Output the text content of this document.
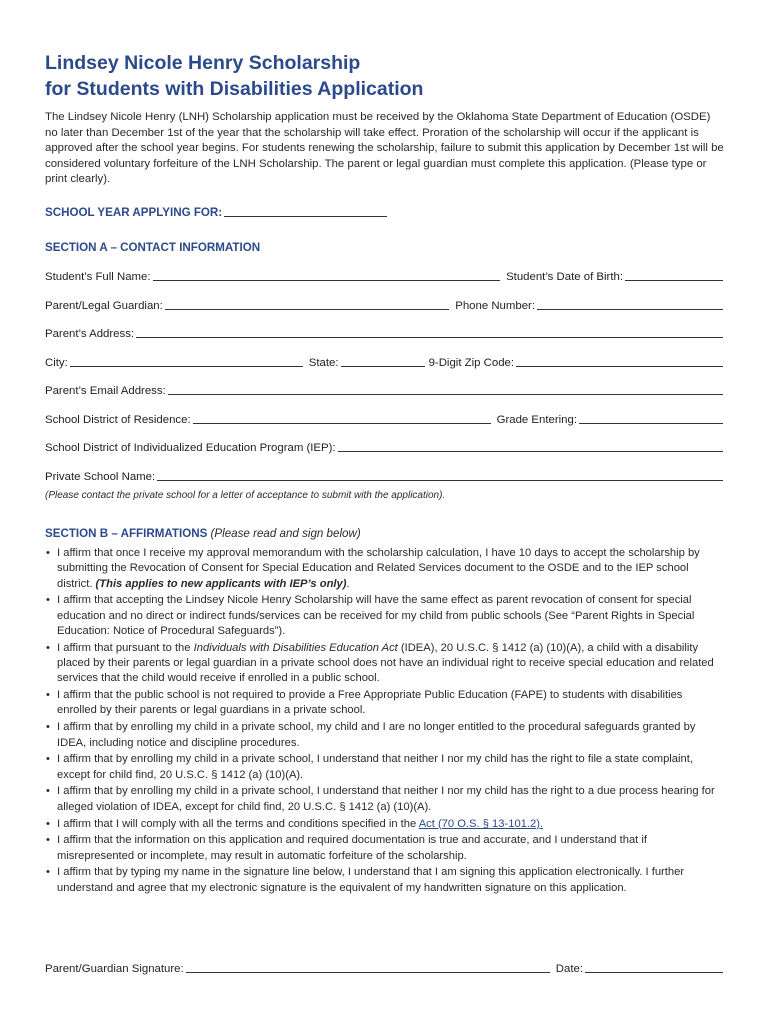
Lindsey Nicole Henry Scholarship
for Students with Disabilities Application
The Lindsey Nicole Henry (LNH) Scholarship application must be received by the Oklahoma State Department of Education (OSDE) no later than December 1st of the year that the scholarship will take effect. Proration of the scholarship will occur if the applicant is approved after the school year begins. For students renewing the scholarship, failure to submit this application by December 1st will be considered voluntary forfeiture of the LNH Scholarship. The parent or legal guardian must complete this application. (Please type or print clearly).
SCHOOL YEAR APPLYING FOR:
SECTION A – CONTACT INFORMATION
Student’s Full Name:	Student’s Date of Birth:
Parent/Legal Guardian:	Phone Number:
Parent’s Address:
City:	State:	9-Digit Zip Code:
Parent’s Email Address:
School District of Residence:	Grade Entering:
School District of Individualized Education Program (IEP):
Private School Name:
(Please contact the private school for a letter of acceptance to submit with the application).
SECTION B – AFFIRMATIONS (Please read and sign below)
• I affirm that once I receive my approval memorandum with the scholarship calculation, I have 10 days to accept the scholarship by submitting the Revocation of Consent for Special Education and Related Services document to the OSDE and to the IEP school district. (This applies to new applicants with IEP’s only).
• I affirm that accepting the Lindsey Nicole Henry Scholarship will have the same effect as parent revocation of consent for special education and no direct or indirect funds/services can be received for my child from public schools (See “Parent Rights in Special Education: Notice of Procedural Safeguards”).
• I affirm that pursuant to the Individuals with Disabilities Education Act (IDEA), 20 U.S.C. § 1412 (a) (10)(A), a child with a disability placed by their parents or legal guardian in a private school does not have an individual right to receive special education and related services that the child would receive if enrolled in a public school.
• I affirm that the public school is not required to provide a Free Appropriate Public Education (FAPE) to students with disabilities enrolled by their parents or legal guardians in a private school.
• I affirm that by enrolling my child in a private school, my child and I are no longer entitled to the procedural safeguards granted by IDEA, including notice and discipline procedures.
• I affirm that by enrolling my child in a private school, I understand that neither I nor my child has the right to file a state complaint, except for child find, 20 U.S.C. § 1412 (a) (10)(A).
• I affirm that by enrolling my child in a private school, I understand that neither I nor my child has the right to a due process hearing for alleged violation of IDEA, except for child find, 20 U.S.C. § 1412 (a) (10)(A).
• I affirm that I will comply with all the terms and conditions specified in the Act (70 O.S. § 13-101.2).
• I affirm that the information on this application and required documentation is true and accurate, and I understand that if misrepresented or incomplete, may result in automatic forfeiture of the scholarship.
• I affirm that by typing my name in the signature line below, I understand that I am signing this application electronically. I further understand and agree that my electronic signature is the equivalent of my handwritten signature on this application.
Parent/Guardian Signature:	Date:
